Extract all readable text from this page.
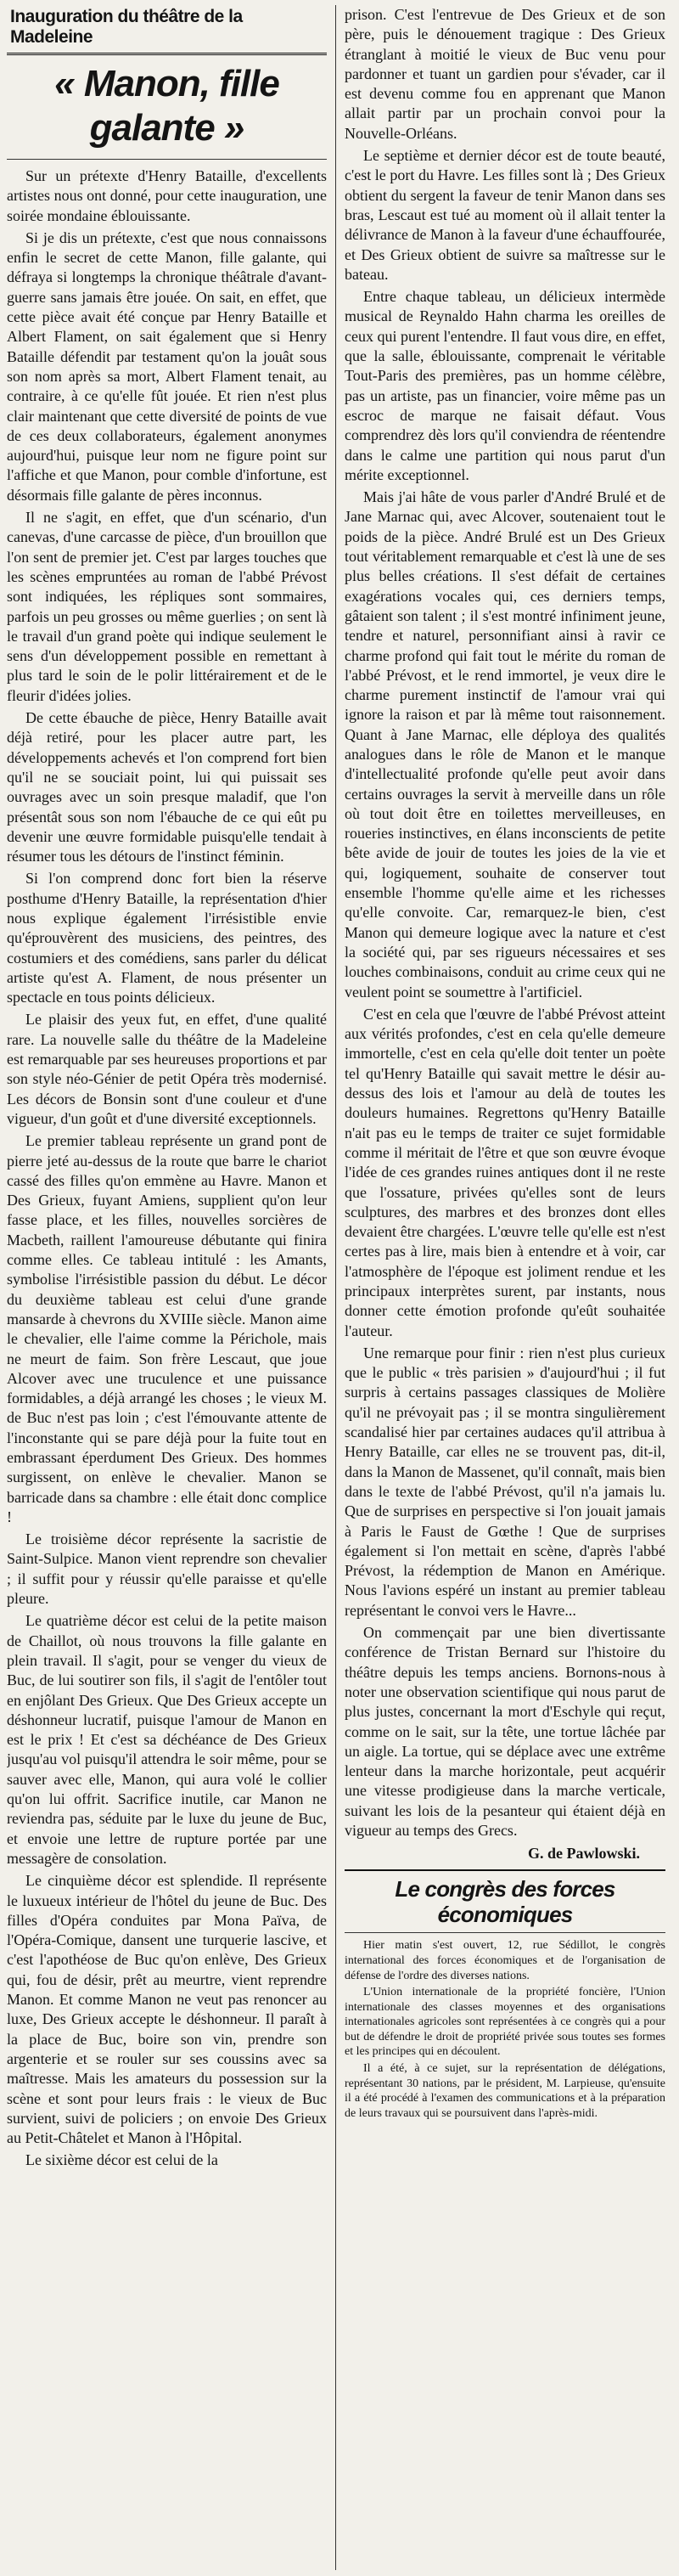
Inauguration du théâtre de la Madeleine
« Manon, fille galante »

Sur un prétexte d'Henry Bataille, d'excellents artistes nous ont donné, pour cette inauguration, une soirée mondaine éblouissante.

Si je dis un prétexte, c'est que nous connaissons enfin le secret de cette Manon, fille galante, qui défraya si longtemps la chronique théâtrale d'avant-guerre sans jamais être jouée. On sait, en effet, que cette pièce avait été conçue par Henry Bataille et Albert Flament, on sait également que si Henry Bataille défendit par testament qu'on la jouât sous son nom après sa mort, Albert Flament tenait, au contraire, à ce qu'elle fût jouée. Et rien n'est plus clair maintenant que cette diversité de points de vue de ces deux collaborateurs, également anonymes aujourd'hui, puisque leur nom ne figure point sur l'affiche et que Manon, pour comble d'infortune, est désormais fille galante de pères inconnus.

Il ne s'agit, en effet, que d'un scénario, d'un canevas, d'une carcasse de pièce, d'un brouillon que l'on sent de premier jet. C'est par larges touches que les scènes empruntées au roman de l'abbé Prévost sont indiquées, les répliques sont sommaires, parfois un peu grosses ou même guerlies ; on sent là le travail d'un grand poète qui indique seulement le sens d'un développement possible en remettant à plus tard le soin de le polir littérairement et de le fleurir d'idées jolies.

De cette ébauche de pièce, Henry Bataille avait déjà retiré, pour les placer autre part, les développements achevés et l'on comprend fort bien qu'il ne se souciait point, lui qui puissait ses ouvrages avec un soin presque maladif, que l'on présentât sous son nom l'ébauche de ce qui eût pu devenir une œuvre formidable puisqu'elle tendait à résumer tous les détours de l'instinct féminin.

Si l'on comprend donc fort bien la réserve posthume d'Henry Bataille, la représentation d'hier nous explique également l'irrésistible envie qu'éprouvèrent des musiciens, des peintres, des costumiers et des comédiens, sans parler du délicat artiste qu'est A. Flament, de nous présenter un spectacle en tous points délicieux.

Le plaisir des yeux fut, en effet, d'une qualité rare. La nouvelle salle du théâtre de la Madeleine est remarquable par ses heureuses proportions et par son style néo-Génier de petit Opéra très modernisé. Les décors de Bonsin sont d'une couleur et d'une vigueur, d'un goût et d'une diversité exceptionnels.

Le premier tableau représente un grand pont de pierre jeté au-dessus de la route que barre le chariot cassé des filles qu'on emmène au Havre. Manon et Des Grieux, fuyant Amiens, supplient qu'on leur fasse place, et les filles, nouvelles sorcières de Macbeth, raillent l'amoureuse débutante qui finira comme elles. Ce tableau intitulé : les Amants, symbolise l'irrésistible passion du début. Le décor du deuxième tableau est celui d'une grande mansarde à chevrons du XVIIIe siècle. Manon aime le chevalier, elle l'aime comme la Périchole, mais ne meurt de faim. Son frère Lescaut, que joue Alcover avec une truculence et une puissance formidables, a déjà arrangé les choses ; le vieux M. de Buc n'est pas loin ; c'est l'émouvante attente de l'inconstante qui se pare déjà pour la fuite tout en embrassant éperdument Des Grieux. Des hommes surgissent, on enlève le chevalier. Manon se barricade dans sa chambre : elle était donc complice !

Le troisième décor représente la sacristie de Saint-Sulpice. Manon vient reprendre son chevalier ; il suffit pour y réussir qu'elle paraisse et qu'elle pleure.

Le quatrième décor est celui de la petite maison de Chaillot, où nous trouvons la fille galante en plein travail. Il s'agit, pour se venger du vieux de Buc, de lui soutirer son fils, il s'agit de l'entôler tout en enjôlant Des Grieux. Que Des Grieux accepte un déshonneur lucratif, puisque l'amour de Manon en est le prix ! Et c'est sa déchéance de Des Grieux jusqu'au vol puisqu'il attendra le soir même, pour se sauver avec elle, Manon, qui aura volé le collier qu'on lui offrit. Sacrifice inutile, car Manon ne reviendra pas, séduite par le luxe du jeune de Buc, et envoie une lettre de rupture portée par une messagère de consolation.

Le cinquième décor est splendide. Il représente le luxueux intérieur de l'hôtel du jeune de Buc. Des filles d'Opéra conduites par Mona Païva, de l'Opéra-Comique, dansent une turquerie lascive, et c'est l'apothéose de Buc qu'on enlève, Des Grieux qui, fou de désir, prêt au meurtre, vient reprendre Manon. Et comme Manon ne veut pas renoncer au luxe, Des Grieux accepte le déshonneur. Il paraît à la place de Buc, boire son vin, prendre son argenterie et se rouler sur ses coussins avec sa maîtresse. Mais les amateurs du possession sur la scène et sont pour leurs frais : le vieux de Buc survient, suivi de policiers ; on envoie Des Grieux au Petit-Châtelet et Manon à l'Hôpital.

Le sixième décor est celui de la

prison. C'est l'entrevue de Des Grieux et de son père, puis le dénouement tragique : Des Grieux étranglant à moitié le vieux de Buc venu pour pardonner et tuant un gardien pour s'évader, car il est devenu comme fou en apprenant que Manon allait partir par un prochain convoi pour la Nouvelle-Orléans.

Le septième et dernier décor est de toute beauté, c'est le port du Havre. Les filles sont là ; Des Grieux obtient du sergent la faveur de tenir Manon dans ses bras, Lescaut est tué au moment où il allait tenter la délivrance de Manon à la faveur d'une échauffourée, et Des Grieux obtient de suivre sa maîtresse sur le bateau.

Entre chaque tableau, un délicieux intermède musical de Reynaldo Hahn charma les oreilles de ceux qui purent l'entendre. Il faut vous dire, en effet, que la salle, éblouissante, comprenait le véritable Tout-Paris des premières, pas un homme célèbre, pas un artiste, pas un financier, voire même pas un escroc de marque ne faisait défaut. Vous comprendrez dès lors qu'il conviendra de réentendre dans le calme une partition qui nous parut d'un mérite exceptionnel.

Mais j'ai hâte de vous parler d'André Brulé et de Jane Marnac qui, avec Alcover, soutenaient tout le poids de la pièce. André Brulé est un Des Grieux tout véritablement remarquable et c'est là une de ses plus belles créations. Il s'est défait de certaines exagérations vocales qui, ces derniers temps, gâtaient son talent ; il s'est montré infiniment jeune, tendre et naturel, personnifiant ainsi à ravir ce charme profond qui fait tout le mérite du roman de l'abbé Prévost, et le rend immortel, je veux dire le charme purement instinctif de l'amour vrai qui ignore la raison et par là même tout raisonnement. Quant à Jane Marnac, elle déploya des qualités analogues dans le rôle de Manon et le manque d'intellectualité profonde qu'elle peut avoir dans certains ouvrages la servit à merveille dans un rôle où tout doit être en toilettes merveilleuses, en roueries instinctives, en élans inconscients de petite bête avide de jouir de toutes les joies de la vie et qui, logiquement, souhaite de conserver tout ensemble l'homme qu'elle aime et les richesses qu'elle convoite. Car, remarquez-le bien, c'est Manon qui demeure logique avec la nature et c'est la société qui, par ses rigueurs nécessaires et ses louches combinaisons, conduit au crime ceux qui ne veulent point se soumettre à l'artificiel.

C'est en cela que l'œuvre de l'abbé Prévost atteint aux vérités profondes, c'est en cela qu'elle demeure immortelle, c'est en cela qu'elle doit tenter un poète tel qu'Henry Bataille qui savait mettre le désir au-dessus des lois et l'amour au delà de toutes les douleurs humaines. Regrettons qu'Henry Bataille n'ait pas eu le temps de traiter ce sujet formidable comme il méritait de l'être et que son œuvre évoque l'idée de ces grandes ruines antiques dont il ne reste que l'ossature, privées qu'elles sont de leurs sculptures, des marbres et des bronzes dont elles devaient être chargées. L'œuvre telle qu'elle est n'est certes pas à lire, mais bien à entendre et à voir, car l'atmosphère de l'époque est joliment rendue et les principaux interprètes surent, par instants, nous donner cette émotion profonde qu'eût souhaitée l'auteur.

Une remarque pour finir : rien n'est plus curieux que le public « très parisien » d'aujourd'hui ; il fut surpris à certains passages classiques de Molière qu'il ne prévoyait pas ; il se montra singulièrement scandalisé hier par certaines audaces qu'il attribua à Henry Bataille, car elles ne se trouvent pas, dit-il, dans la Manon de Massenet, qu'il connaît, mais bien dans le texte de l'abbé Prévost, qu'il n'a jamais lu. Que de surprises en perspective si l'on jouait jamais à Paris le Faust de Gœthe ! Que de surprises également si l'on mettait en scène, d'après l'abbé Prévost, la rédemption de Manon en Amérique. Nous l'avions espéré un instant au premier tableau représentant le convoi vers le Havre...

On commençait par une bien divertissante conférence de Tristan Bernard sur l'histoire du théâtre depuis les temps anciens. Bornons-nous à noter une observation scientifique qui nous parut de plus justes, concernant la mort d'Eschyle qui reçut, comme on le sait, sur la tête, une tortue lâchée par un aigle. La tortue, qui se déplace avec une extrême lenteur dans la marche horizontale, peut acquérir une vitesse prodigieuse dans la marche verticale, suivant les lois de la pesanteur qui étaient déjà en vigueur au temps des Grecs.

G. de Pawlowski.
Le congrès des forces économiques

Hier matin s'est ouvert, 12, rue Sédillot, le congrès international des forces économiques et de l'organisation de défense de l'ordre des diverses nations.

L'Union internationale de la propriété foncière, l'Union internationale des classes moyennes et des organisations internationales agricoles sont représentées à ce congrès qui a pour but de défendre le droit de propriété privée sous toutes ses formes et les principes qui en découlent.

Il a été, à ce sujet, sur la représentation de délégations, représentant 30 nations, par le président, M. Larpieuse, qu'ensuite il a été procédé à l'examen des communications et à la préparation de leurs travaux qui se poursuivent dans l'après-midi.
